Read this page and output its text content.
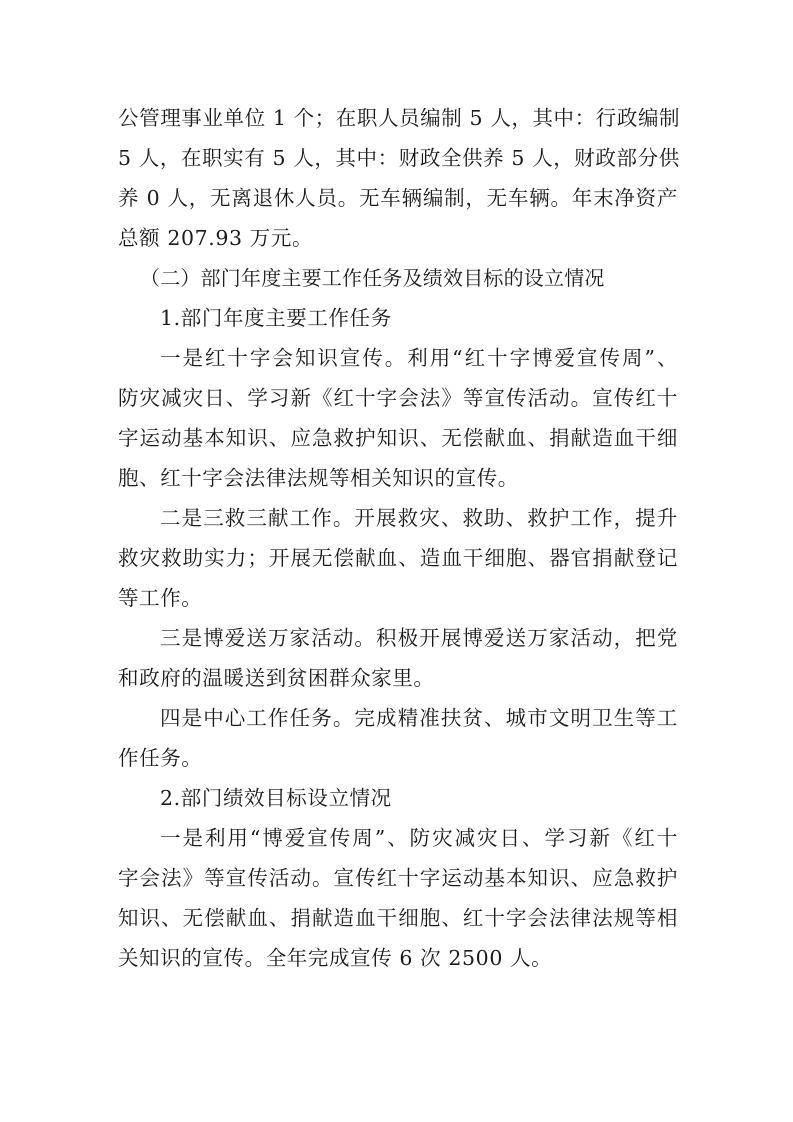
公管理事业单位 1 个；在职人员编制 5 人，其中：行政编制
5 人，在职实有 5 人，其中：财政全供养 5 人，财政部分供
养 0 人，无离退休人员。无车辆编制，无车辆。年末净资产
总额 207.93 万元。
（二）部门年度主要工作任务及绩效目标的设立情况
1.部门年度主要工作任务
一是红十字会知识宣传。利用“红十字博爱宣传周”、
防灾减灾日、学习新《红十字会法》等宣传活动。宣传红十
字运动基本知识、应急救护知识、无偿献血、捐献造血干细
胞、红十字会法律法规等相关知识的宣传。
二是三救三献工作。开展救灾、救助、救护工作，提升
救灾救助实力；开展无偿献血、造血干细胞、器官捐献登记
等工作。
三是博爱送万家活动。积极开展博爱送万家活动，把党
和政府的温暖送到贫困群众家里。
四是中心工作任务。完成精准扶贫、城市文明卫生等工
作任务。
2.部门绩效目标设立情况
一是利用“博爱宣传周”、防灾减灾日、学习新《红十
字会法》等宣传活动。宣传红十字运动基本知识、应急救护
知识、无偿献血、捐献造血干细胞、红十字会法律法规等相
关知识的宣传。全年完成宣传 6 次 2500 人。
